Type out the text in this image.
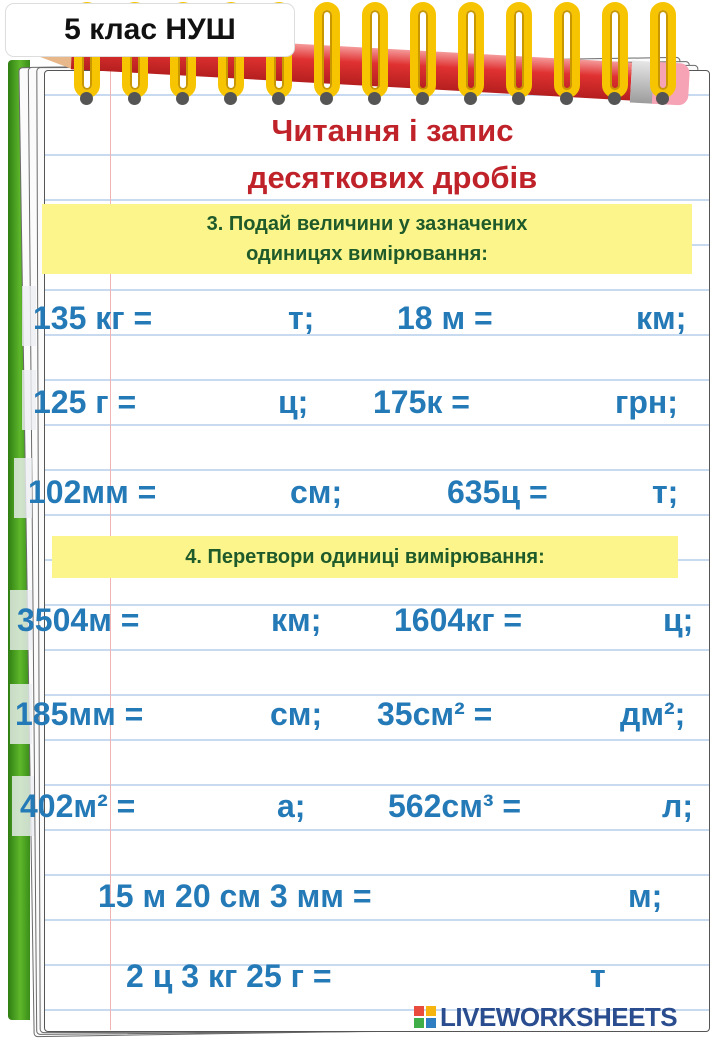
5 клас НУШ
Читання і запис
десяткових дробів
3. Подай величини у зазначених
одиницях вимірювання:
135 кг =	т;	18 м =	км;
125 г =	ц; 175к =	грн;
102мм =	см;	635ц =	т;
4. Перетвори одиниці вимірювання:
3504м =	км; 1604кг =	ц;
185мм =	см; 35см² =	дм²;
402м² =	а;	562см³ =	л;
15 м 20 см 3 мм =	м;
2 ц 3 кг 25 г =	т
LIVEWORKSHEETS
